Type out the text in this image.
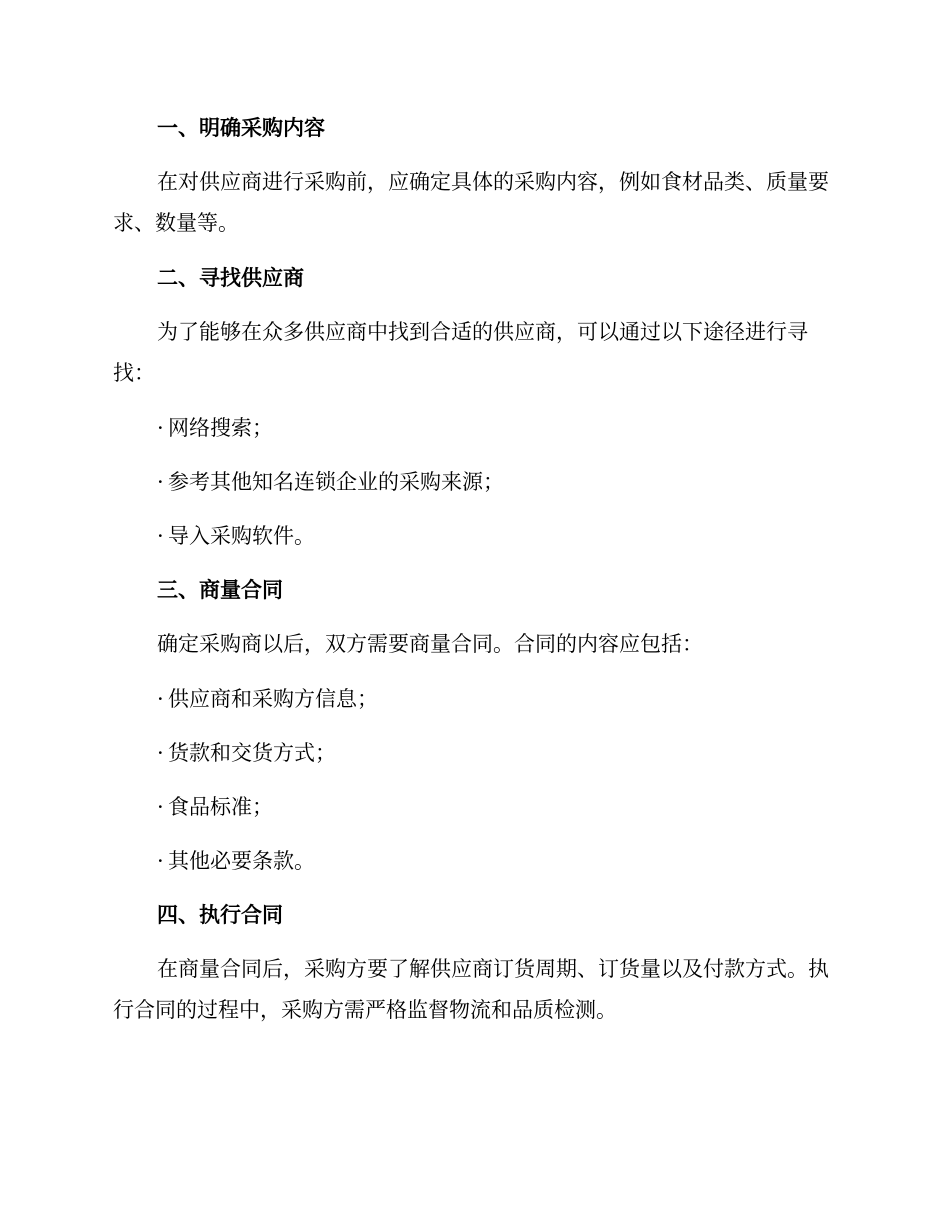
一、明确采购内容
在对供应商进行采购前，应确定具体的采购内容，例如食材品类、质量要求、数量等。
二、寻找供应商
为了能够在众多供应商中找到合适的供应商，可以通过以下途径进行寻找：
· 网络搜索；
· 参考其他知名连锁企业的采购来源；
· 导入采购软件。
三、商量合同
确定采购商以后，双方需要商量合同。合同的内容应包括：
· 供应商和采购方信息；
· 货款和交货方式；
· 食品标准；
· 其他必要条款。
四、执行合同
在商量合同后，采购方要了解供应商订货周期、订货量以及付款方式。执行合同的过程中，采购方需严格监督物流和品质检测。
